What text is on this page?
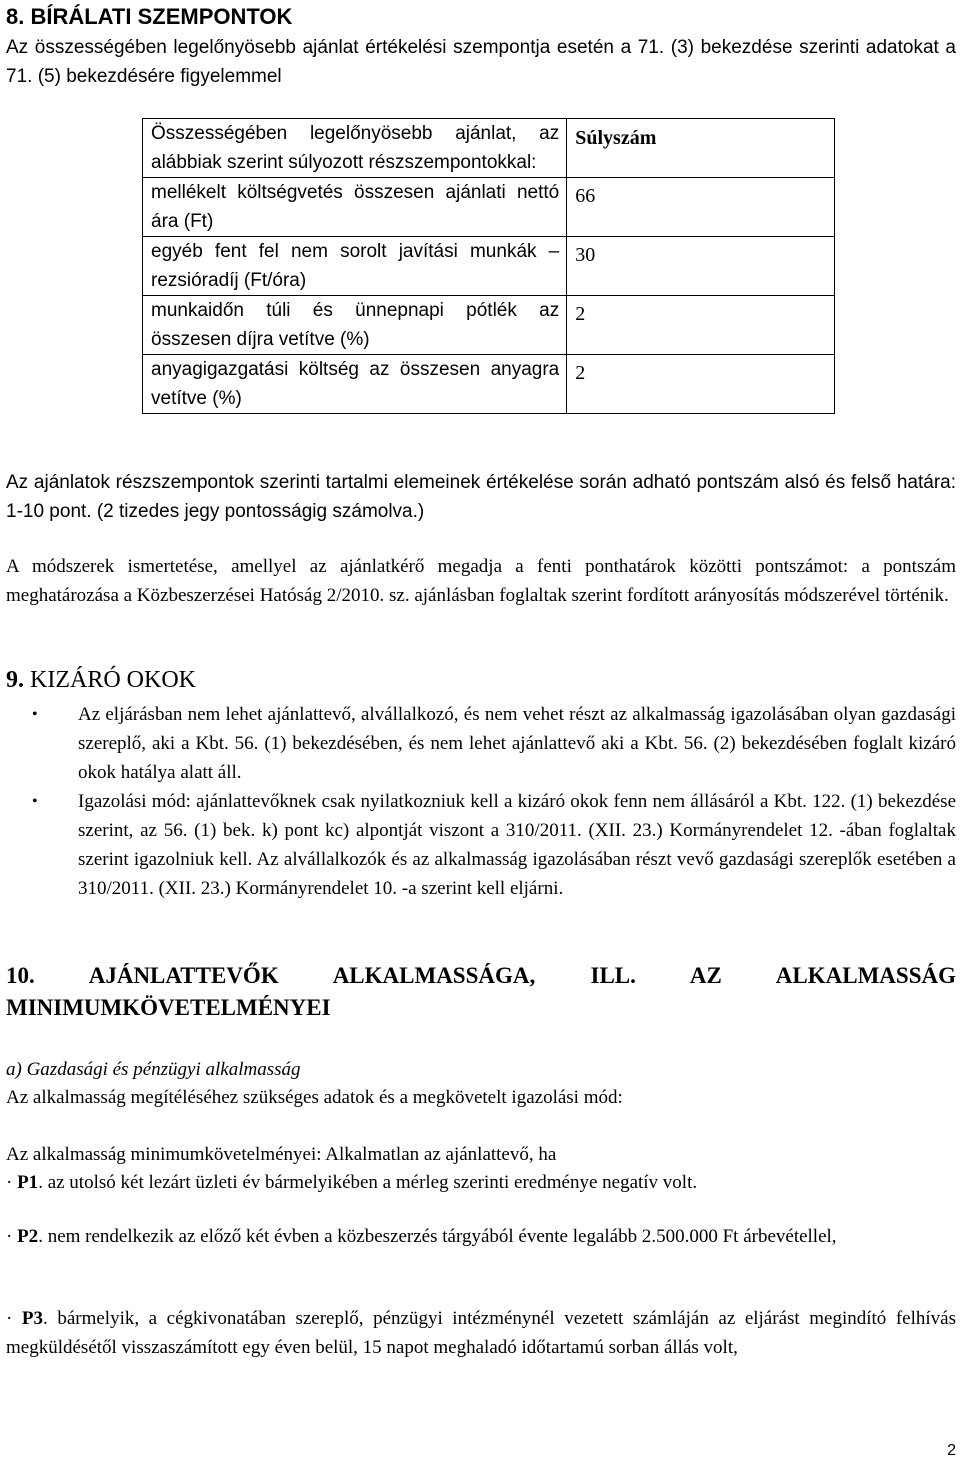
8. BÍRÁLATI SZEMPONTOK
Az összességében legelőnyösebb ajánlat értékelési szempontja esetén a 71. (3) bekezdése szerinti adatokat a 71. (5) bekezdésére figyelemmel
Összességében legelőnyösebb ajánlat, az alábbiak szerint súlyozott részszempontokkal:	Súlyszám
mellékelt költségvetés összesen ajánlati nettó ára (Ft)	66
egyéb fent fel nem sorolt javítási munkák – rezsióradíj (Ft/óra)	30
munkaidőn túli és ünnepnapi pótlék az összesen díjra vetítve (%)	2
anyagigazgatási költség az összesen anyagra vetítve (%)	2
Az ajánlatok részszempontok szerinti tartalmi elemeinek értékelése során adható pontszám alsó és felső határa: 1-10 pont. (2 tizedes jegy pontosságig számolva.)
A módszerek ismertetése, amellyel az ajánlatkérő megadja a fenti ponthatárok közötti pontszámot: a pontszám meghatározása a Közbeszerzései Hatóság 2/2010. sz. ajánlásban foglaltak szerint fordított arányosítás módszerével történik.
9. KIZÁRÓ OKOK
• Az eljárásban nem lehet ajánlattevő, alvállalkozó, és nem vehet részt az alkalmasság igazolásában olyan gazdasági szereplő, aki a Kbt. 56. (1) bekezdésében, és nem lehet ajánlattevő aki a Kbt. 56. (2) bekezdésében foglalt kizáró okok hatálya alatt áll.
• Igazolási mód: ajánlattevőknek csak nyilatkozniuk kell a kizáró okok fenn nem állásáról a Kbt. 122. (1) bekezdése szerint, az 56. (1) bek. k) pont kc) alpontját viszont a 310/2011. (XII. 23.) Kormányrendelet 12. -ában foglaltak szerint igazolniuk kell. Az alvállalkozók és az alkalmasság igazolásában részt vevő gazdasági szereplők esetében a 310/2011. (XII. 23.) Kormányrendelet 10. -a szerint kell eljárni.
10. AJÁNLATTEVŐK ALKALMASSÁGA, ILL. AZ ALKALMASSÁG MINIMUMKÖVETELMÉNYEI
a) Gazdasági és pénzügyi alkalmasság
Az alkalmasság megítéléséhez szükséges adatok és a megkövetelt igazolási mód:
Az alkalmasság minimumkövetelményei: Alkalmatlan az ajánlattevő, ha
· P1. az utolsó két lezárt üzleti év bármelyikében a mérleg szerinti eredménye negatív volt.
· P2. nem rendelkezik az előző két évben a közbeszerzés tárgyából évente legalább 2.500.000 Ft árbevétellel,
· P3. bármelyik, a cégkivonatában szereplő, pénzügyi intézménynél vezetett számláján az eljárást megindító felhívás megküldésétől visszaszámított egy éven belül, 15 napot meghaladó időtartamú sorban állás volt,
2
